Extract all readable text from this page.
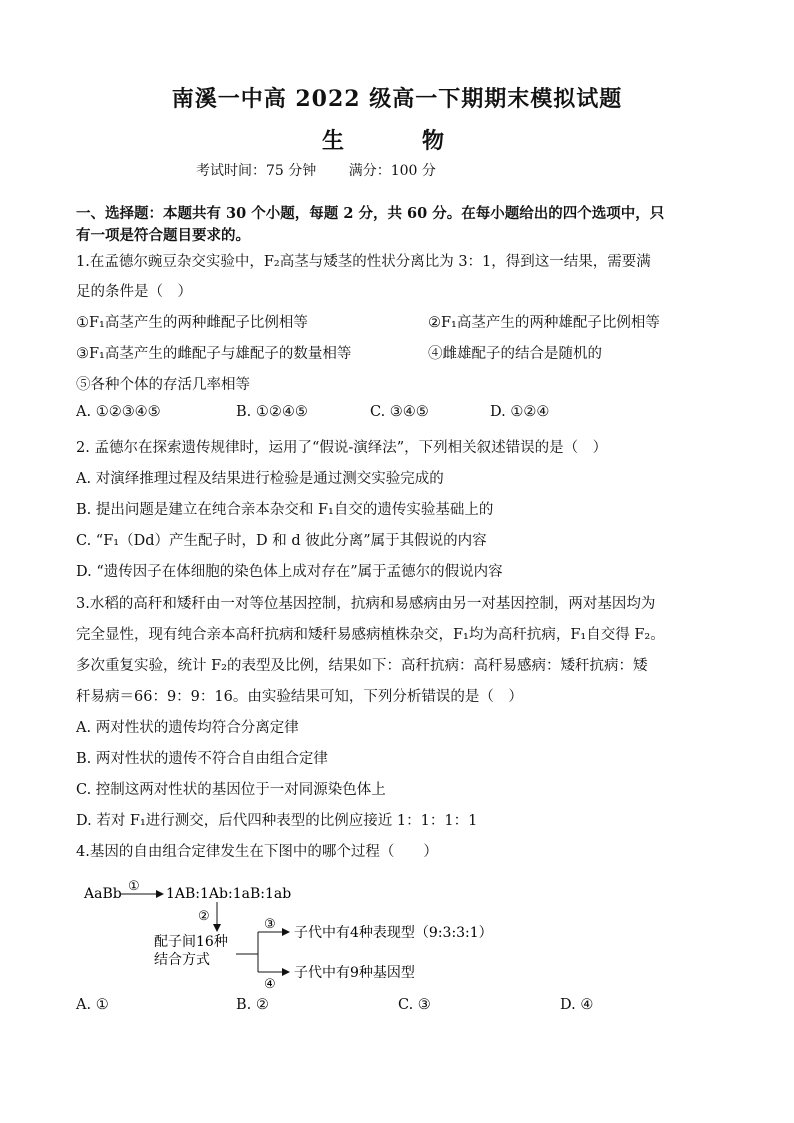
南溪一中高 2022 级高一下期期末模拟试题
生　物
考试时间：75 分钟　　 满分：100 分
一、选择题：本题共有 30 个小题，每题 2 分，共 60 分。在每小题给出的四个选项中，只
有一项是符合题目要求的。
1.在孟德尔豌豆杂交实验中，F₂高茎与矮茎的性状分离比为 3：1，得到这一结果，需要满
足的条件是（　）
①F₁高茎产生的两种雌配子比例相等	②F₁高茎产生的两种雄配子比例相等
③F₁高茎产生的雌配子与雄配子的数量相等	④雌雄配子的结合是随机的
⑤各种个体的存活几率相等
A. ①②③④⑤	B. ①②④⑤	C. ③④⑤	D. ①②④
2. 孟德尔在探索遗传规律时，运用了“假说-演绎法”，下列相关叙述错误的是（　）
A. 对演绎推理过程及结果进行检验是通过测交实验完成的
B. 提出问题是建立在纯合亲本杂交和 F₁自交的遗传实验基础上的
C. “F₁（Dd）产生配子时，D 和 d 彼此分离”属于其假说的内容
D. “遗传因子在体细胞的染色体上成对存在”属于孟德尔的假说内容
3.水稻的高秆和矮秆由一对等位基因控制，抗病和易感病由另一对基因控制，两对基因均为
完全显性，现有纯合亲本高秆抗病和矮秆易感病植株杂交，F₁均为高秆抗病，F₁自交得 F₂。
多次重复实验，统计 F₂的表型及比例，结果如下：高秆抗病：高秆易感病：矮秆抗病：矮
秆易病＝66：9：9：16。由实验结果可知，下列分析错误的是（　）
A. 两对性状的遗传均符合分离定律
B. 两对性状的遗传不符合自由组合定律
C. 控制这两对性状的基因位于一对同源染色体上
D. 若对 F₁进行测交，后代四种表型的比例应接近 1：1：1：1
4.基因的自由组合定律发生在下图中的哪个过程（　　）
AaBb ① 1AB:1Ab:1aB:1ab
②
配子间16种
结合方式
③
子代中有4种表现型（9:3:3:1）
④
子代中有9种基因型
A. ①	B. ②	C. ③	D. ④
